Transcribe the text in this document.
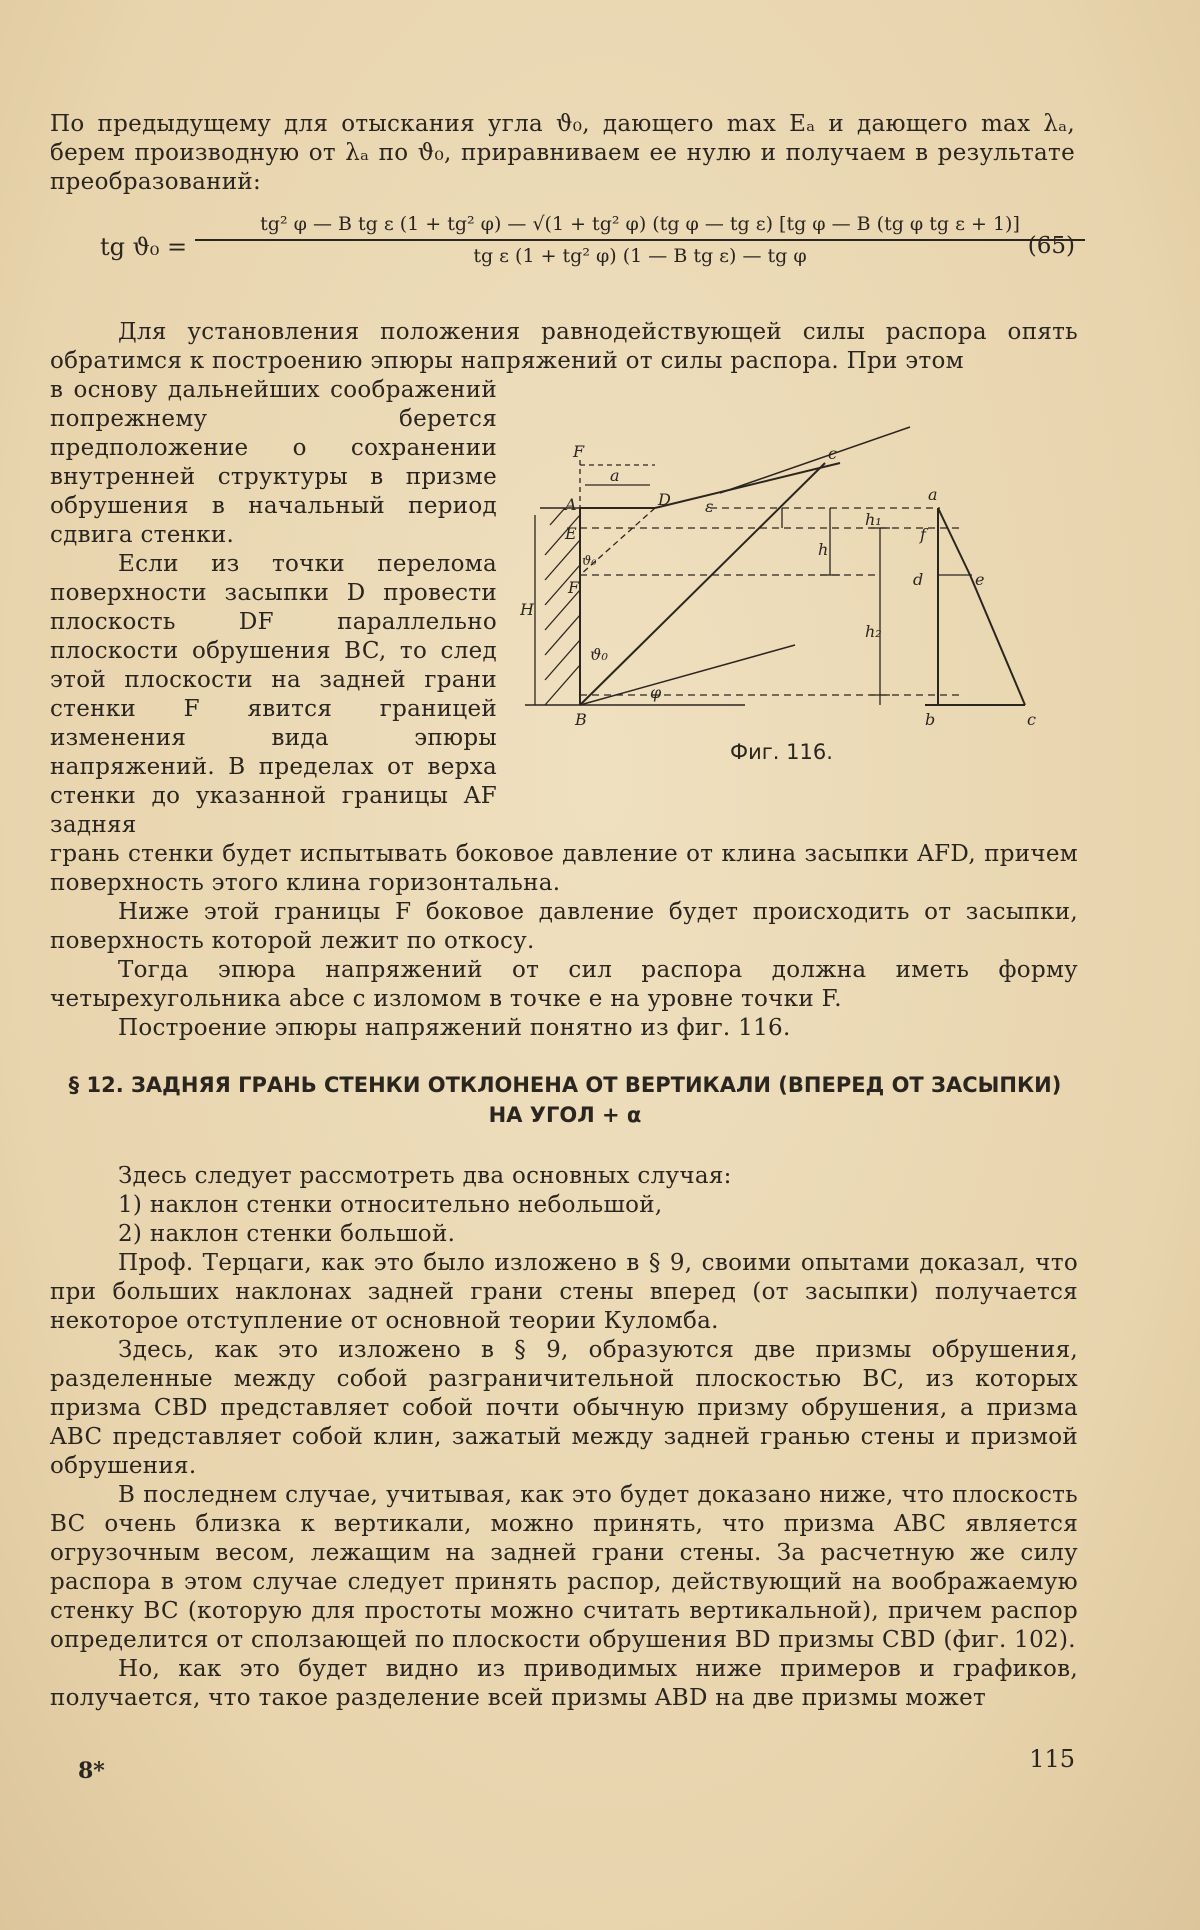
По предыдущему для отыскания угла ϑ₀, дающего max Eₐ и дающего max λₐ, берем производную от λₐ по ϑ₀, приравниваем ее нулю и получаем в результате преобразований:

tg ϑ₀ =
tg² φ — B tg ε (1 + tg² φ) — √(1 + tg² φ) (tg φ — tg ε) [tg φ — B (tg φ tg ε + 1)]
tg ε (1 + tg² φ) (1 — B tg ε) — tg φ	(65)

Для установления положения равнодействующей силы распора опять обратимся к построению эпюры напряжений от силы распора. При этом

в основу дальнейших соображений попрежнему берется предположение о сохранении внутренней структуры в призме обрушения в начальный период сдвига стенки.

Если из точки перелома поверхности засыпки D провести плоскость DF параллельно плоскости обрушения BC, то след этой плоскости на задней грани стенки F явится границей изменения вида эпюры напряжений. В пределах от верха стенки до указанной границы AF задняя

грань стенки будет испытывать боковое давление от клина засыпки AFD, причем поверхность этого клина горизонтальна.

Ниже этой границы F боковое давление будет происходить от засыпки, поверхность которой лежит по откосу.

Тогда эпюра напряжений от сил распора должна иметь форму четырехугольника abce с изломом в точке e на уровне точки F.

Построение эпюры напряжений понятно из фиг. 116.

F	c
A	D
a
ε
E
ϑ₀
F
H
ϑ₀
B
φ
h₁
h
h₂
a
f
d	e
b	c
Фиг. 116.
§ 12. ЗАДНЯЯ ГРАНЬ СТЕНКИ ОТКЛОНЕНА ОТ ВЕРТИКАЛИ (ВПЕРЕД ОТ ЗАСЫПКИ)
НА УГОЛ + α

Здесь следует рассмотреть два основных случая:

1) наклон стенки относительно небольшой,

2) наклон стенки большой.

Проф. Терцаги, как это было изложено в § 9, своими опытами доказал, что при больших наклонах задней грани стены вперед (от засыпки) получается некоторое отступление от основной теории Куломба.

Здесь, как это изложено в § 9, образуются две призмы обрушения, разделенные между собой разграничительной плоскостью BC, из которых призма CBD представляет собой почти обычную призму обрушения, а призма ABC представляет собой клин, зажатый между задней гранью стены и призмой обрушения.

В последнем случае, учитывая, как это будет доказано ниже, что плоскость BC очень близка к вертикали, можно принять, что призма ABC является огрузочным весом, лежащим на задней грани стены. За расчетную же силу распора в этом случае следует принять распор, действующий на воображаемую стенку BC (которую для простоты можно считать вертикальной), причем распор определится от сползающей по плоскости обрушения BD призмы CBD (фиг. 102).

Но, как это будет видно из приводимых ниже примеров и графиков, получается, что такое разделение всей призмы ABD на две призмы может

8*	115
